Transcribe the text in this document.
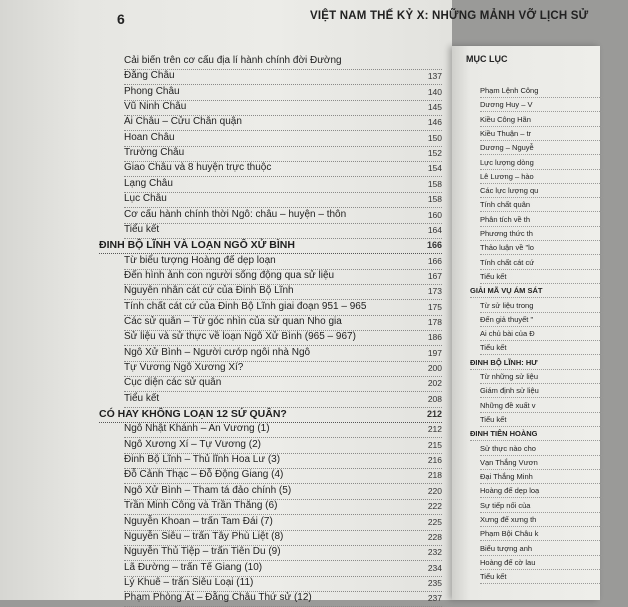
6	VIỆT NAM THẾ KỶ X: NHỮNG MẢNH VỠ LỊCH SỬ
Cải biến trên cơ cấu địa lí hành chính đời Đường
Đằng Châu	137
Phong Châu	140
Vũ Ninh Châu	145
Ái Châu – Cửu Chân quận	146
Hoan Châu	150
Trường Châu	152
Giao Châu và 8 huyện trực thuộc	154
Lạng Châu	158
Lục Châu	158
Cơ cấu hành chính thời Ngô: châu – huyện – thôn	160
Tiểu kết	164
ĐINH BỘ LĨNH VÀ LOẠN NGÔ XỬ BÌNH	166
Từ biểu tượng Hoàng đế dẹp loạn	166
Đến hình ảnh con người sống động qua sử liệu	167
Nguyên nhân cát cứ của Đinh Bộ Lĩnh	173
Tính chất cát cứ của Đinh Bộ Lĩnh giai đoạn 951 – 965	175
Các sử quân – Từ góc nhìn của sử quan Nho gia	178
Sử liệu và sử thực về loạn Ngô Xử Bình (965 – 967)	186
Ngô Xử Bình – Người cướp ngôi nhà Ngô	197
Tự Vương Ngô Xương Xí?	200
Cục diện các sử quân	202
Tiểu kết	208
CÓ HAY KHÔNG LOẠN 12 SỨ QUÂN?	212
Ngô Nhật Khánh – An Vương (1)	212
Ngô Xương Xí – Tự Vương (2)	215
Đinh Bộ Lĩnh – Thủ lĩnh Hoa Lư (3)	216
Đỗ Cảnh Thạc – Đỗ Động Giang (4)	218
Ngô Xử Bình – Tham tá đảo chính (5)	220
Trần Minh Công và Trần Thăng (6)	222
Nguyễn Khoan – trấn Tam Đái (7)	225
Nguyễn Siêu – trấn Tây Phù Liệt (8)	228
Nguyễn Thủ Tiệp – trấn Tiên Du (9)	232
Lã Đường – trấn Tế Giang (10)	234
Lý Khuê – trấn Siêu Loại (11)	235
Phạm Phòng Át – Đằng Châu Thứ sử (12)	237
MỤC LỤC
Phạm Lệnh Công
Dương Huy – V
Kiều Công Hãn
Kiều Thuận – tr
Dương – Nguyễ
Lực lượng dòng
Lê Lương – hào
Các lực lượng qu
Tính chất quân
Phân tích về th
Phương thức th
Thảo luận về "lo
Tính chất cát cứ
Tiểu kết
GIẢI MÃ VỤ ÁM SÁT
Từ sử liệu trong
Đến giả thuyết "
Ai chủ bài của Đ
Tiểu kết
ĐINH BỘ LĨNH: HƯ
Từ những sử liệu
Giám định sử liệu
Những đề xuất v
Tiểu kết
ĐINH TIÊN HOÀNG
Sử thực nào cho
Vạn Thắng Vươn
Đại Thắng Minh
Hoàng đế dẹp loạ
Sự tiếp nối của
Xưng đế xưng th
Phạm Bội Châu k
Biểu tượng anh
Hoàng đế cờ lau
Tiểu kết
